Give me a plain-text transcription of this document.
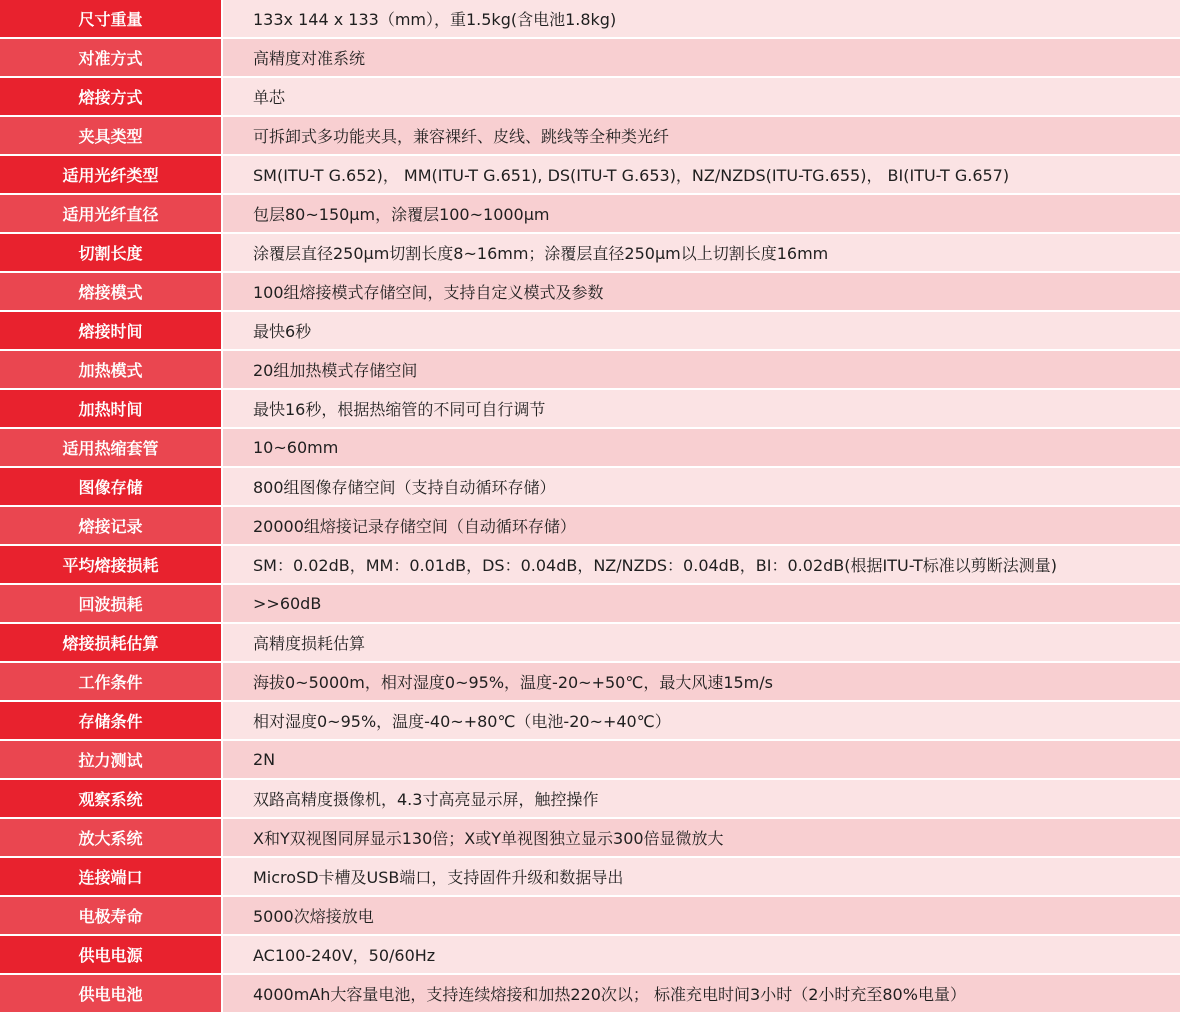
尺寸重量	133x 144 x 133（mm），重1.5kg(含电池1.8kg)
对准方式	高精度对准系统
熔接方式	单芯
夹具类型	可拆卸式多功能夹具，兼容裸纤、皮线、跳线等全种类光纤
适用光纤类型	SM(ITU-T G.652)， MM(ITU-T G.651), DS(ITU-T G.653)，NZ/NZDS(ITU-TG.655)， BI(ITU-T G.657)
适用光纤直径	包层80~150μm，涂覆层100~1000μm
切割长度	涂覆层直径250μm切割长度8~16mm；涂覆层直径250μm以上切割长度16mm
熔接模式	100组熔接模式存储空间，支持自定义模式及参数
熔接时间	最快6秒
加热模式	20组加热模式存储空间
加热时间	最快16秒，根据热缩管的不同可自行调节
适用热缩套管	10~60mm
图像存储	800组图像存储空间（支持自动循环存储）
熔接记录	20000组熔接记录存储空间（自动循环存储）
平均熔接损耗	SM：0.02dB，MM：0.01dB，DS：0.04dB，NZ/NZDS：0.04dB，BI：0.02dB(根据ITU-T标准以剪断法测量)
回波损耗	>>60dB
熔接损耗估算	高精度损耗估算
工作条件	海拔0~5000m，相对湿度0~95%，温度-20~+50℃，最大风速15m/s
存储条件	相对湿度0~95%，温度-40~+80℃（电池-20~+40℃）
拉力测试	2N
观察系统	双路高精度摄像机，4.3寸高亮显示屏，触控操作
放大系统	X和Y双视图同屏显示130倍；X或Y单视图独立显示300倍显微放大
连接端口	MicroSD卡槽及USB端口，支持固件升级和数据导出
电极寿命	5000次熔接放电
供电电源	AC100-240V，50/60Hz
供电电池	4000mAh大容量电池，支持连续熔接和加热220次以； 标准充电时间3小时（2小时充至80%电量）
